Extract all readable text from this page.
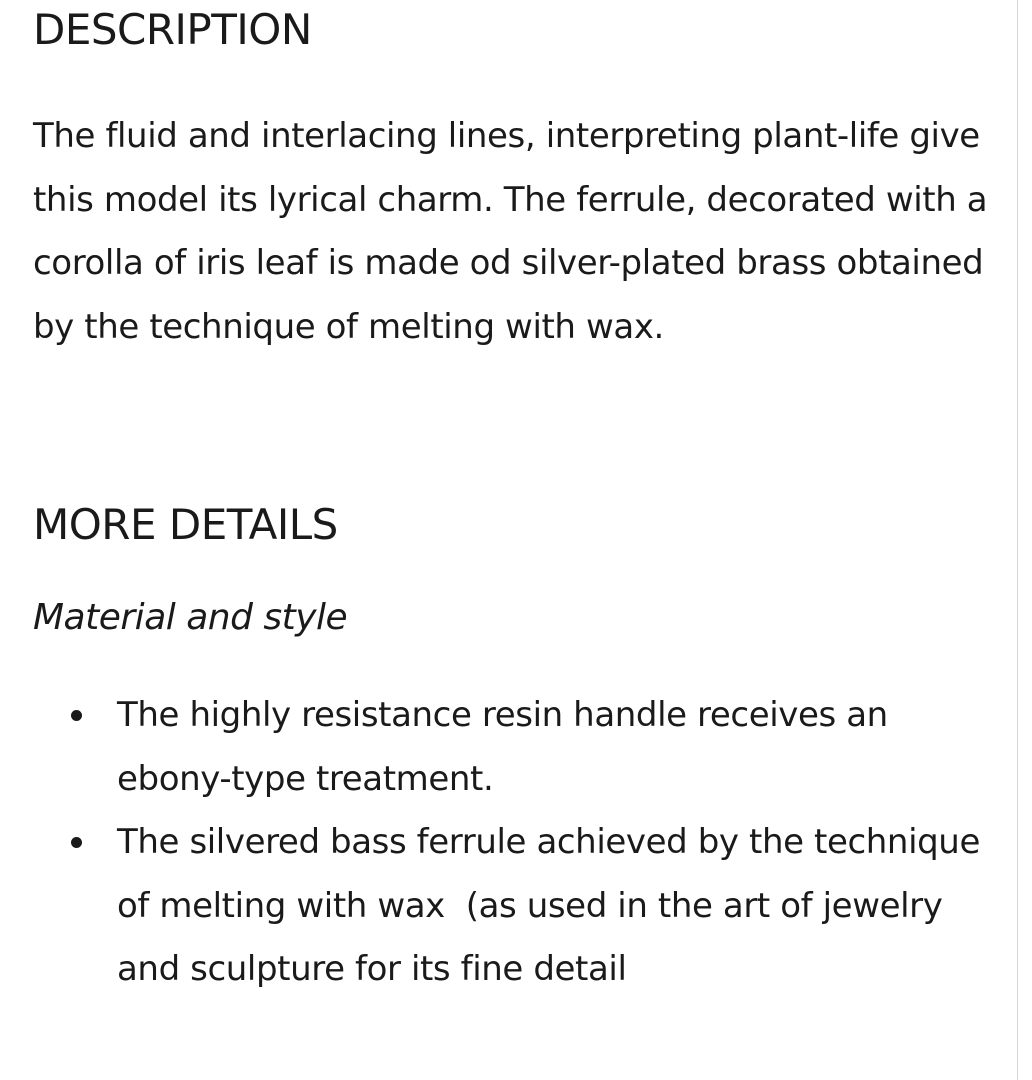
DESCRIPTION

The fluid and interlacing lines, interpreting plant-life give this model its lyrical charm. The ferrule, decorated with a corolla of iris leaf is made od silver-plated brass obtained by the technique of melting with wax.

MORE DETAILS

Material and style

The highly resistance resin handle receives an ebony-type treatment.
The silvered bass ferrule achieved by the technique of melting with wax  (as used in the art of jewelry and sculpture for its fine detail
